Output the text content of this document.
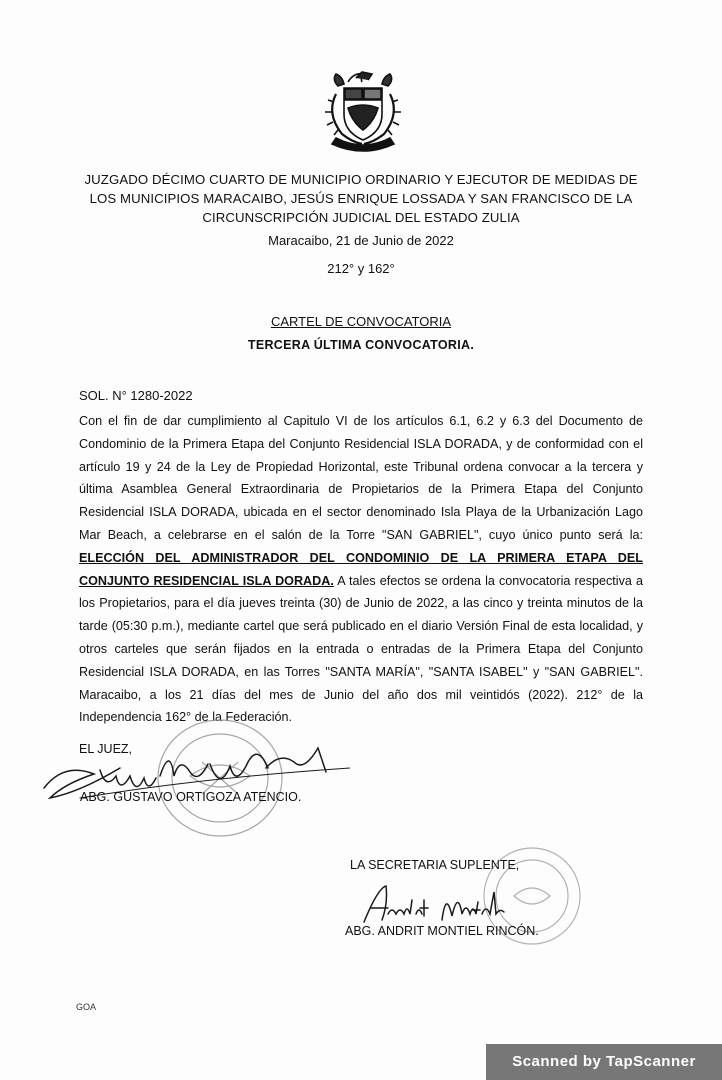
JUZGADO DÉCIMO CUARTO DE MUNICIPIO ORDINARIO Y EJECUTOR DE MEDIDAS DE
LOS MUNICIPIOS MARACAIBO, JESÚS ENRIQUE LOSSADA Y SAN FRANCISCO DE LA
CIRCUNSCRIPCIÓN JUDICIAL DEL ESTADO ZULIA
Maracaibo, 21 de Junio de 2022
212° y 162°
CARTEL DE CONVOCATORIA
TERCERA ÚLTIMA CONVOCATORIA.
SOL. N° 1280-2022
Con el fin de dar cumplimiento al Capitulo VI de los artículos 6.1, 6.2 y 6.3 del Documento de Condominio de la Primera Etapa del Conjunto Residencial ISLA DORADA, y de conformidad con el artículo 19 y 24 de la Ley de Propiedad Horizontal, este Tribunal ordena convocar a la tercera y última Asamblea General Extraordinaria de Propietarios de la Primera Etapa del Conjunto Residencial ISLA DORADA, ubicada en el sector denominado Isla Playa de la Urbanización Lago Mar Beach, a celebrarse en el salón de la Torre "SAN GABRIEL", cuyo único punto será la: ELECCIÓN DEL ADMINISTRADOR DEL CONDOMINIO DE LA PRIMERA ETAPA DEL CONJUNTO RESIDENCIAL ISLA DORADA. A tales efectos se ordena la convocatoria respectiva a los Propietarios, para el día jueves treinta (30) de Junio de 2022, a las cinco y treinta minutos de la tarde (05:30 p.m.), mediante cartel que será publicado en el diario Versión Final de esta localidad, y otros carteles que serán fijados en la entrada o entradas de la Primera Etapa del Conjunto Residencial ISLA DORADA, en las Torres "SANTA MARÍA", "SANTA ISABEL" y "SAN GABRIEL". Maracaibo, a los 21 días del mes de Junio del año dos mil veintidós (2022). 212° de la Independencia 162° de la Federación.
EL JUEZ,
ABG. GUSTAVO ORTIGOZA ATENCIO.
LA SECRETARIA SUPLENTE,
ABG. ANDRIT MONTIEL RINCÓN.
GOA
Scanned by TapScanner
